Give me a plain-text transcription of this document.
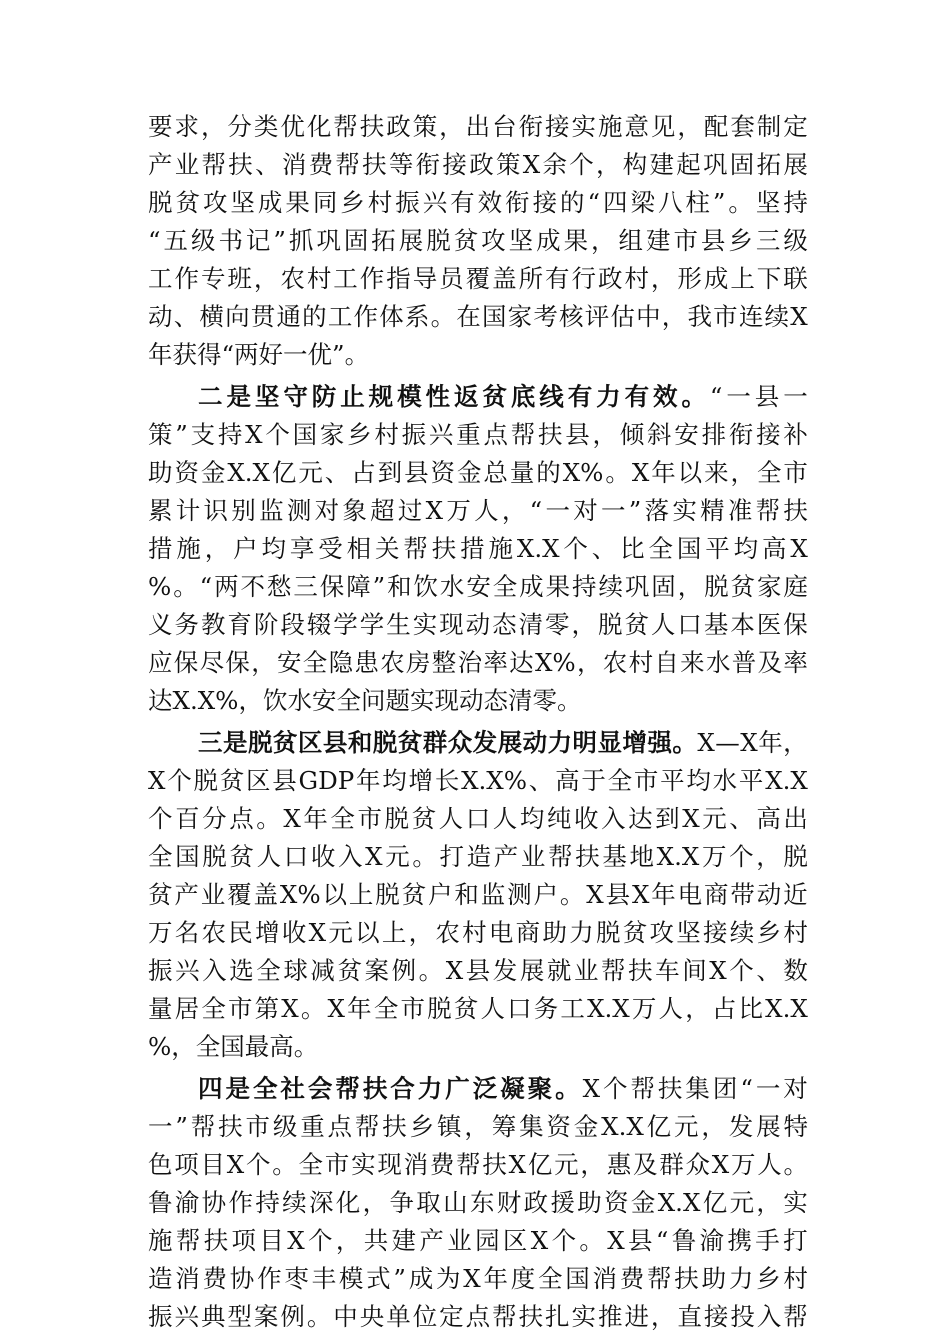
要 求 ， 分 类 优 化 帮 扶 政 策 ， 出 台 衔 接 实 施 意 见 ， 配 套 制 定
产 业 帮 扶 、 消 费 帮 扶 等 衔 接 政 策 X 余 个 ， 构 建 起 巩 固 拓 展
脱 贫 攻 坚 成 果 同 乡 村 振 兴 有 效 衔 接 的 “ 四 梁 八 柱 ” 。 坚 持
“ 五 级 书 记 ” 抓 巩 固 拓 展 脱 贫 攻 坚 成 果 ， 组 建 市 县 乡 三 级
工 作 专 班 ， 农 村 工 作 指 导 员 覆 盖 所 有 行 政 村 ， 形 成 上 下 联
动 、 横 向 贯 通 的 工 作 体 系 。 在 国 家 考 核 评 估 中 ， 我 市 连 续 X
年 获 得 “ 两 好 一 优 ” 。
二 是 坚 守 防 止 规 模 性 返 贫 底 线 有 力 有 效 。 “ 一 县 一
策 ” 支 持 X 个 国 家 乡 村 振 兴 重 点 帮 扶 县 ， 倾 斜 安 排 衔 接 补
助 资 金 X.X 亿 元 、 占 到 县 资 金 总 量 的 X% 。 X 年 以 来 ， 全 市
累 计 识 别 监 测 对 象 超 过 X 万 人 ， “ 一 对 一 ” 落 实 精 准 帮 扶
措 施 ， 户 均 享 受 相 关 帮 扶 措 施 X.X 个 、 比 全 国 平 均 高 X
% 。 “ 两 不 愁 三 保 障 ” 和 饮 水 安 全 成 果 持 续 巩 固 ， 脱 贫 家 庭
义 务 教 育 阶 段 辍 学 学 生 实 现 动 态 清 零 ， 脱 贫 人 口 基 本 医 保
应 保 尽 保 ， 安 全 隐 患 农 房 整 治 率 达 X% ， 农 村 自 来 水 普 及 率
达 X.X% ， 饮 水 安 全 问 题 实 现 动 态 清 零 。
三 是 脱 贫 区 县 和 脱 贫 群 众 发 展 动 力 明 显 增 强 。 X — X 年 ，
X 个 脱 贫 区 县 GDP 年 均 增 长 X.X% 、 高 于 全 市 平 均 水 平 X.X
个 百 分 点 。 X 年 全 市 脱 贫 人 口 人 均 纯 收 入 达 到 X 元 、 高 出
全 国 脱 贫 人 口 收 入 X 元 。 打 造 产 业 帮 扶 基 地 X.X 万 个 ， 脱
贫 产 业 覆 盖 X% 以 上 脱 贫 户 和 监 测 户 。 X 县 X 年 电 商 带 动 近
万 名 农 民 增 收 X 元 以 上 ， 农 村 电 商 助 力 脱 贫 攻 坚 接 续 乡 村
振 兴 入 选 全 球 减 贫 案 例 。 X 县 发 展 就 业 帮 扶 车 间 X 个 、 数
量 居 全 市 第 X 。 X 年 全 市 脱 贫 人 口 务 工 X.X 万 人 ， 占 比 X.X
% ， 全 国 最 高 。
四 是 全 社 会 帮 扶 合 力 广 泛 凝 聚 。 X 个 帮 扶 集 团 “ 一 对
一 ” 帮 扶 市 级 重 点 帮 扶 乡 镇 ， 筹 集 资 金 X.X 亿 元 ， 发 展 特
色 项 目 X 个 。 全 市 实 现 消 费 帮 扶 X 亿 元 ， 惠 及 群 众 X 万 人 。
鲁 渝 协 作 持 续 深 化 ， 争 取 山 东 财 政 援 助 资 金 X.X 亿 元 ， 实
施 帮 扶 项 目 X 个 ， 共 建 产 业 园 区 X 个 。 X 县 “ 鲁 渝 携 手 打
造 消 费 协 作 枣 丰 模 式 ” 成 为 X 年 度 全 国 消 费 帮 扶 助 力 乡 村
振 兴 典 型 案 例 。 中 央 单 位 定 点 帮 扶 扎 实 推 进 ， 直 接 投 入 帮
